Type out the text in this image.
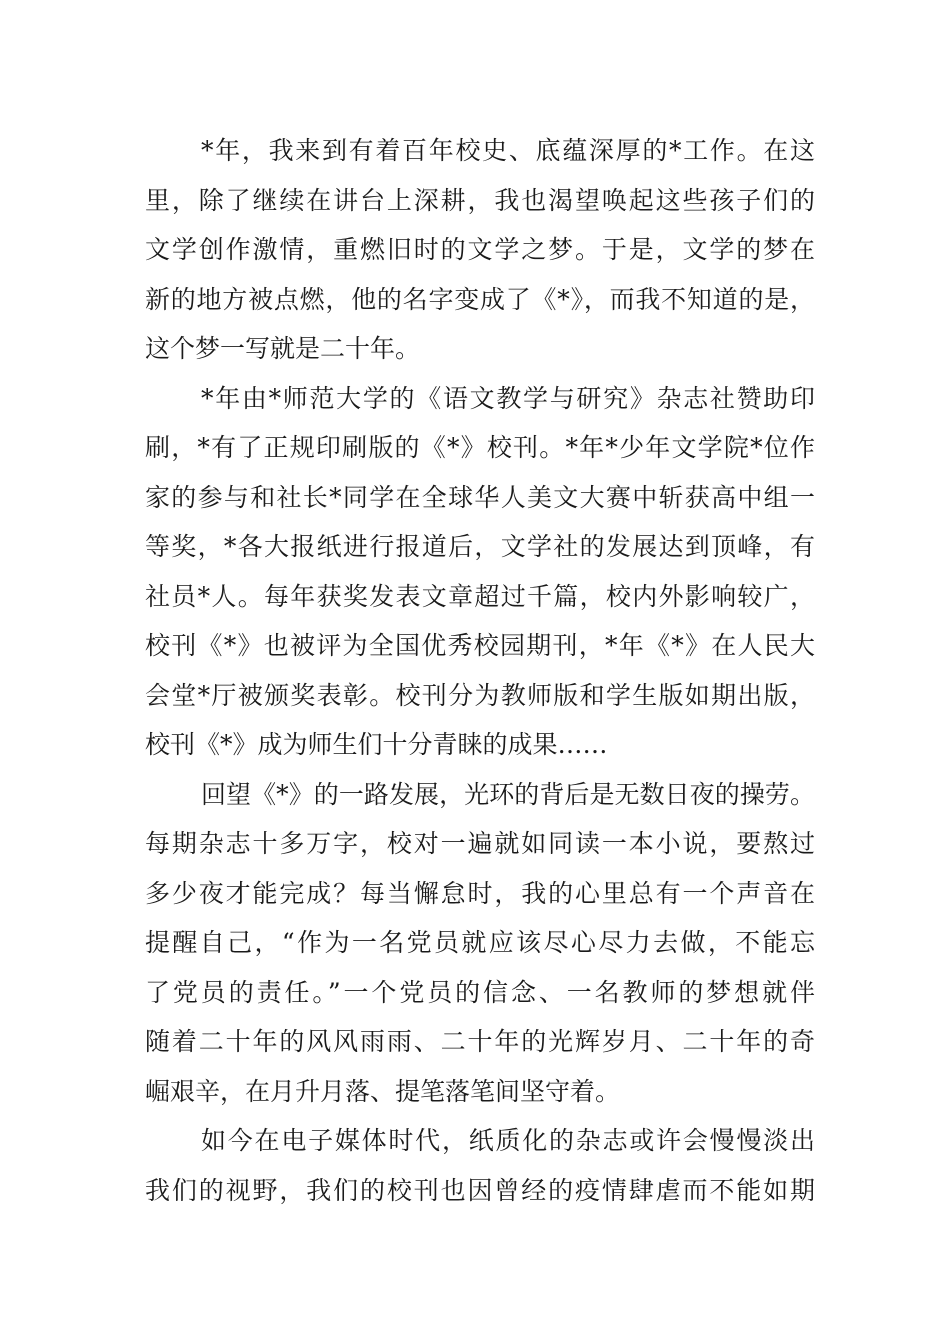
*年，我来到有着百年校史、底蕴深厚的*工作。在这
里，除了继续在讲台上深耕，我也渴望唤起这些孩子们的
文学创作激情，重燃旧时的文学之梦。于是，文学的梦在
新的地方被点燃，他的名字变成了《*》，而我不知道的是，
这个梦一写就是二十年。
*年由*师范大学的《语文教学与研究》杂志社赞助印
刷，*有了正规印刷版的《*》校刊。*年*少年文学院*位作
家的参与和社长*同学在全球华人美文大赛中斩获高中组一
等奖，*各大报纸进行报道后，文学社的发展达到顶峰，有
社员*人。每年获奖发表文章超过千篇，校内外影响较广，
校刊《*》也被评为全国优秀校园期刊，*年《*》在人民大
会堂*厅被颁奖表彰。校刊分为教师版和学生版如期出版，
校刊《*》成为师生们十分青睐的成果……
回望《*》的一路发展，光环的背后是无数日夜的操劳。
每期杂志十多万字，校对一遍就如同读一本小说，要熬过
多少夜才能完成？每当懈怠时，我的心里总有一个声音在
提醒自己，“作为一名党员就应该尽心尽力去做，不能忘
了党员的责任。”一个党员的信念、一名教师的梦想就伴
随着二十年的风风雨雨、二十年的光辉岁月、二十年的奇
崛艰辛，在月升月落、提笔落笔间坚守着。
如今在电子媒体时代，纸质化的杂志或许会慢慢淡出
我们的视野，我们的校刊也因曾经的疫情肆虐而不能如期
